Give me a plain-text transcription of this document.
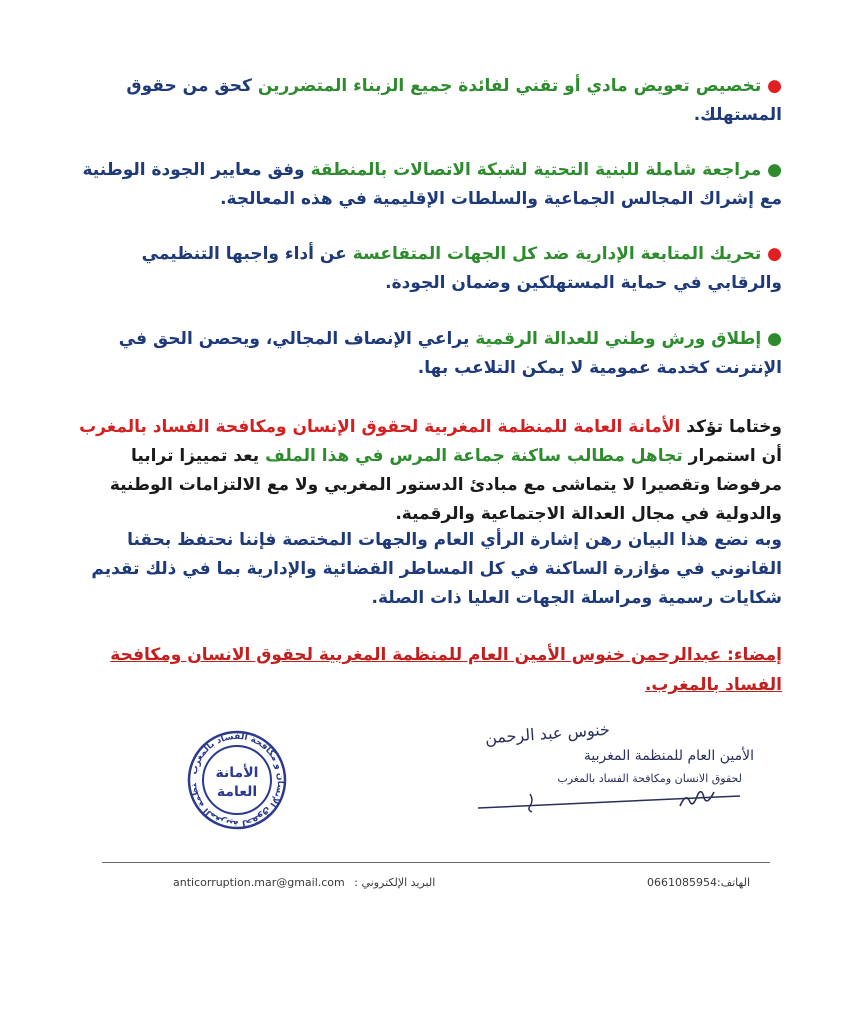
● تخصيص تعويض مادي أو تقني لفائدة جميع الزبناء المتضررين كحق من حقوق المستهلك.
● مراجعة شاملة للبنية التحتية لشبكة الاتصالات بالمنطقة وفق معايير الجودة الوطنية مع إشراك المجالس الجماعية والسلطات الإقليمية في هذه المعالجة.
● تحريك المتابعة الإدارية ضد كل الجهات المتقاعسة عن أداء واجبها التنظيمي والرقابي في حماية المستهلكين وضمان الجودة.
● إطلاق ورش وطني للعدالة الرقمية يراعي الإنصاف المجالي، ويحصن الحق في الإنترنت كخدمة عمومية لا يمكن التلاعب بها.
وختاما تؤكد الأمانة العامة للمنظمة المغربية لحقوق الإنسان ومكافحة الفساد بالمغرب أن استمرار تجاهل مطالب ساكنة جماعة المرس في هذا الملف يعد تمييزا ترابيا مرفوضا وتقصيرا لا يتماشى مع مبادئ الدستور المغربي ولا مع الالتزامات الوطنية والدولية في مجال العدالة الاجتماعية والرقمية.
وبه نضع هذا البيان رهن إشارة الرأي العام والجهات المختصة فإننا نحتفظ بحقنا القانوني في مؤازرة الساكنة في كل المساطر القضائية والإدارية بما في ذلك تقديم شكايات رسمية ومراسلة الجهات العليا ذات الصلة.
إمضاء: عبدالرحمن خنوس الأمين العام للمنظمة المغربية لحقوق الانسان ومكافحة الفساد بالمغرب.
نظمة المغربية لحقوق الإنسان و مكافحة الفساد بالمغرب
الأمانة
العامة
خنوس عبد الرحمن
الأمين العام للمنظمة المغربية
لحقوق الانسان ومكافحة الفساد بالمغرب
anticorruption.mar@gmail.com البريد الإلكتروني :	الهاتف:0661085954
